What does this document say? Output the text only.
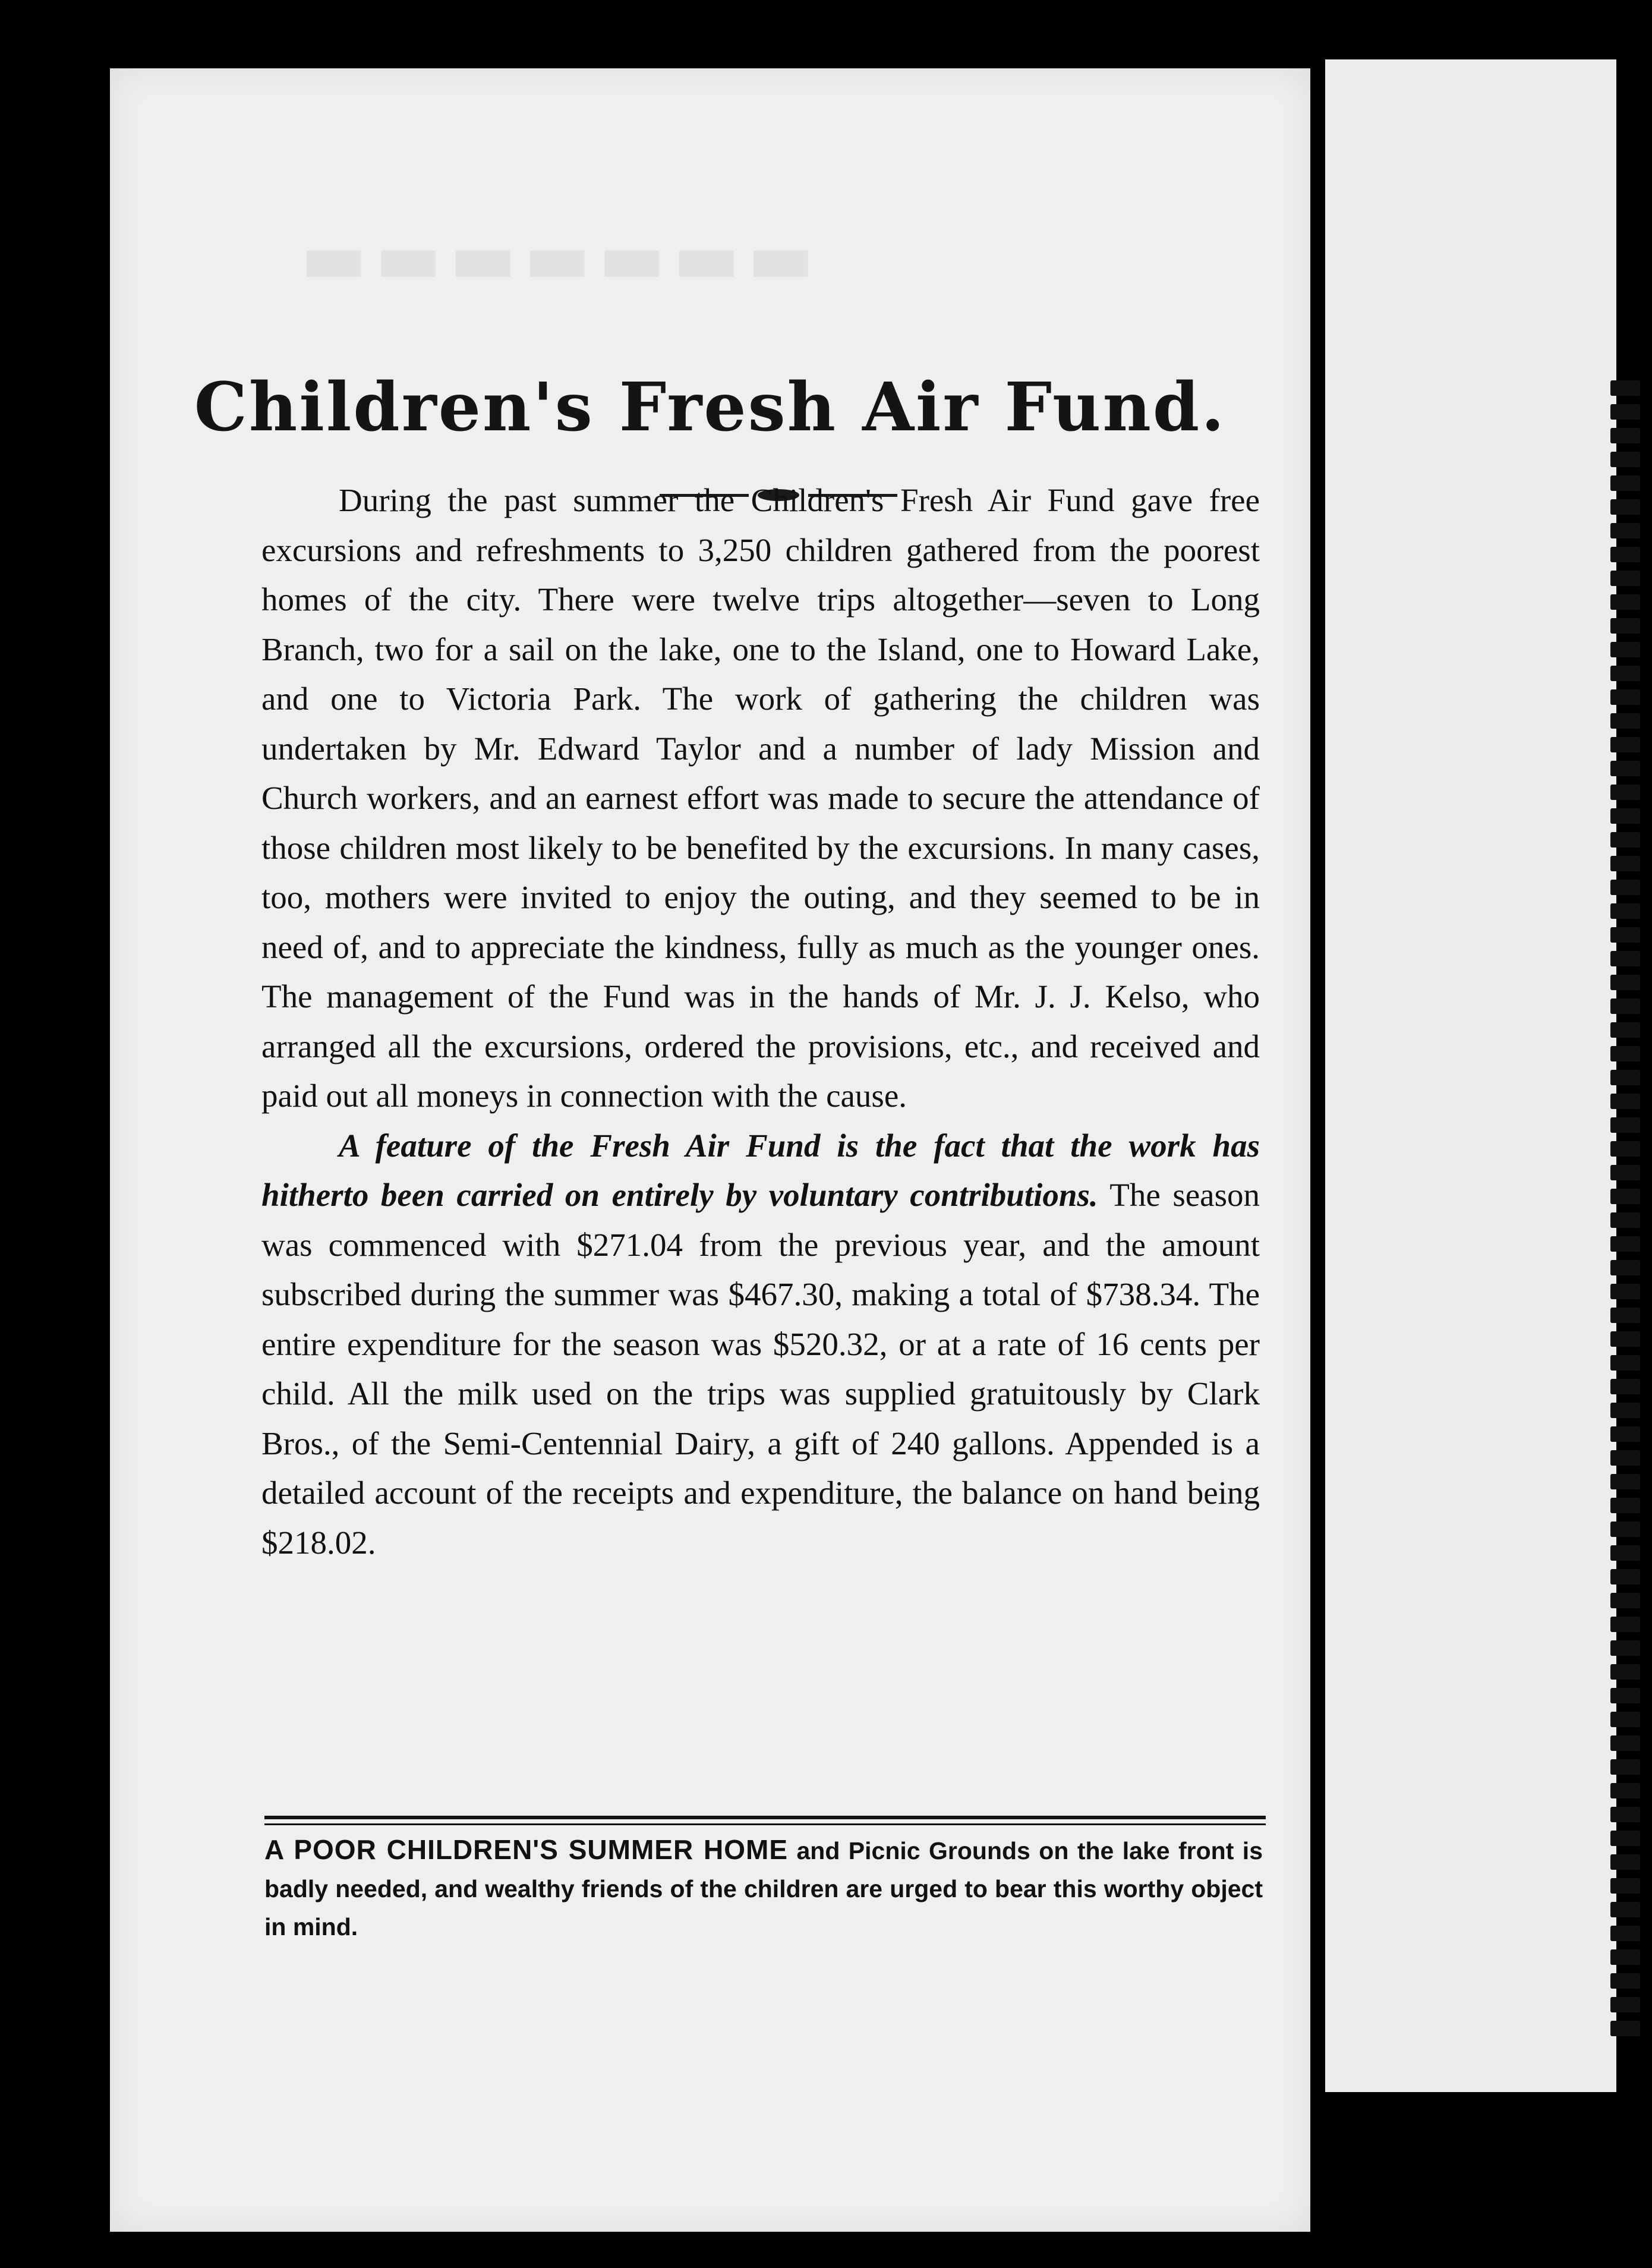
▬▬▬▬▬▬▬
Children's Fresh Air Fund.

During the past summer the Children's Fresh Air Fund gave free excursions and refreshments to 3,250 children gathered from the poorest homes of the city. There were twelve trips altogether—seven to Long Branch, two for a sail on the lake, one to the Island, one to Howard Lake, and one to Victoria Park. The work of gathering the children was undertaken by Mr. Edward Taylor and a number of lady Mission and Church workers, and an earnest effort was made to secure the attendance of those children most likely to be benefited by the excursions. In many cases, too, mothers were invited to enjoy the outing, and they seemed to be in need of, and to appreciate the kindness, fully as much as the younger ones. The management of the Fund was in the hands of Mr. J. J. Kelso, who arranged all the excursions, ordered the provisions, etc., and received and paid out all moneys in connection with the cause.

A feature of the Fresh Air Fund is the fact that the work has hitherto been carried on entirely by voluntary contributions. The season was commenced with $271.04 from the previous year, and the amount subscribed during the summer was $467.30, making a total of $738.34. The entire expenditure for the season was $520.32, or at a rate of 16 cents per child. All the milk used on the trips was supplied gratuitously by Clark Bros., of the Semi-Centennial Dairy, a gift of 240 gallons. Appended is a detailed account of the receipts and expenditure, the balance on hand being $218.02.

A POOR CHILDREN'S SUMMER HOME and Picnic Grounds on the lake front is badly needed, and wealthy friends of the children are urged to bear this worthy object in mind.
